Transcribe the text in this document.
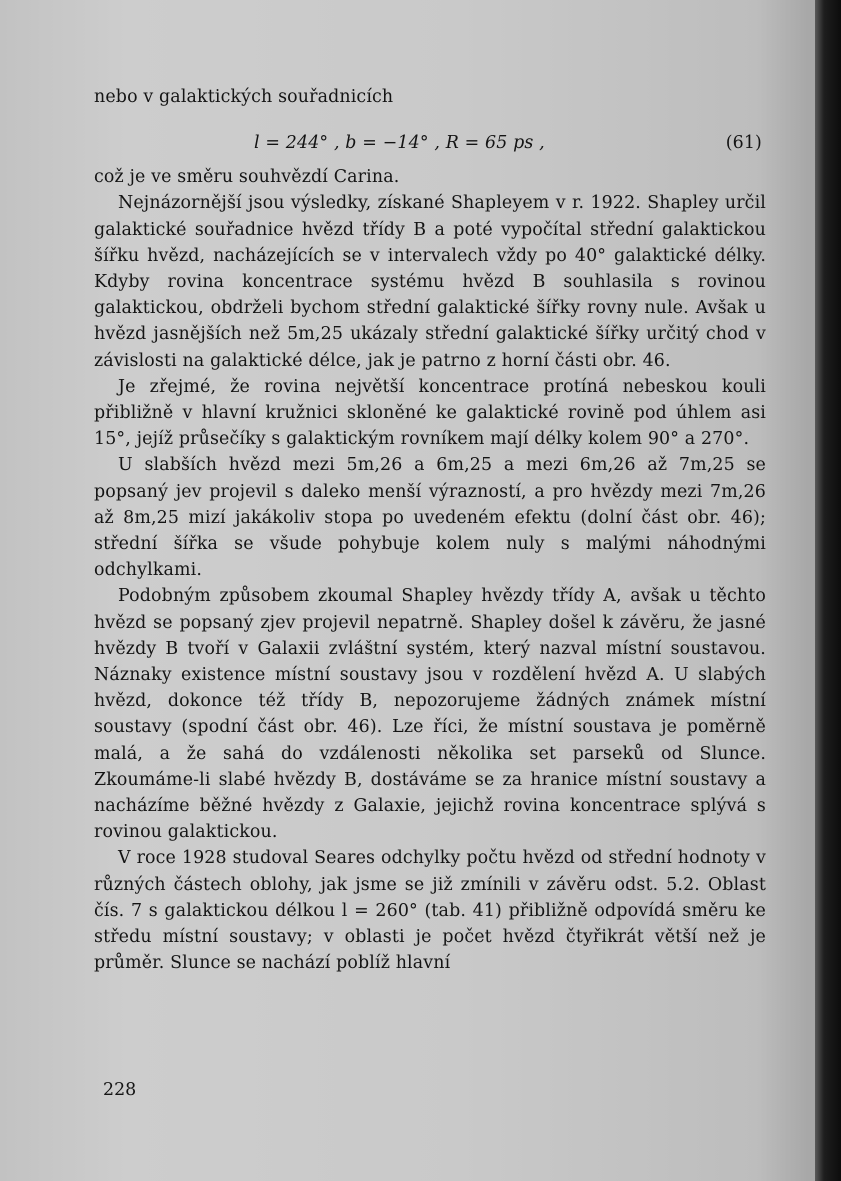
nebo v galaktických souřadnicích

l = 244° , b = −14° , R = 65 ps ,	(61)

což je ve směru souhvězdí Carina.

Nejnázornější jsou výsledky, získané Shapleyem v r. 1922. Shapley určil galaktické souřadnice hvězd třídy B a poté vypočítal střední galaktickou šířku hvězd, nacházejících se v intervalech vždy po 40° galaktické délky. Kdyby rovina koncentrace systému hvězd B souhlasila s rovinou galaktickou, obdrželi bychom střední galaktické šířky rovny nule. Avšak u hvězd jasnějších než 5m,25 ukázaly střední galaktické šířky určitý chod v závislosti na galaktické délce, jak je patrno z horní části obr. 46.

Je zřejmé, že rovina největší koncentrace protíná nebeskou kouli přibližně v hlavní kružnici skloněné ke galaktické rovině pod úhlem asi 15°, jejíž průsečíky s galaktickým rovníkem mají délky kolem 90° a 270°.

U slabších hvězd mezi 5m,26 a 6m,25 a mezi 6m,26 až 7m,25 se popsaný jev projevil s daleko menší výrazností, a pro hvězdy mezi 7m,26 až 8m,25 mizí jakákoliv stopa po uvedeném efektu (dolní část obr. 46); střední šířka se všude pohybuje kolem nuly s malými náhodnými odchylkami.

Podobným způsobem zkoumal Shapley hvězdy třídy A, avšak u těchto hvězd se popsaný zjev projevil nepatrně. Shapley došel k závěru, že jasné hvězdy B tvoří v Galaxii zvláštní systém, který nazval místní soustavou. Náznaky existence místní soustavy jsou v rozdělení hvězd A. U slabých hvězd, dokonce též třídy B, nepozorujeme žádných známek místní soustavy (spodní část obr. 46). Lze říci, že místní soustava je poměrně malá, a že sahá do vzdálenosti několika set parseků od Slunce. Zkoumáme-li slabé hvězdy B, dostáváme se za hranice místní soustavy a nacházíme běžné hvězdy z Galaxie, jejichž rovina koncentrace splývá s rovinou galaktickou.

V roce 1928 studoval Seares odchylky počtu hvězd od střední hodnoty v různých částech oblohy, jak jsme se již zmínili v závěru odst. 5.2. Oblast čís. 7 s galaktickou délkou l = 260° (tab. 41) přibližně odpovídá směru ke středu místní soustavy; v oblasti je počet hvězd čtyřikrát větší než je průměr. Slunce se nachází poblíž hlavní

228
